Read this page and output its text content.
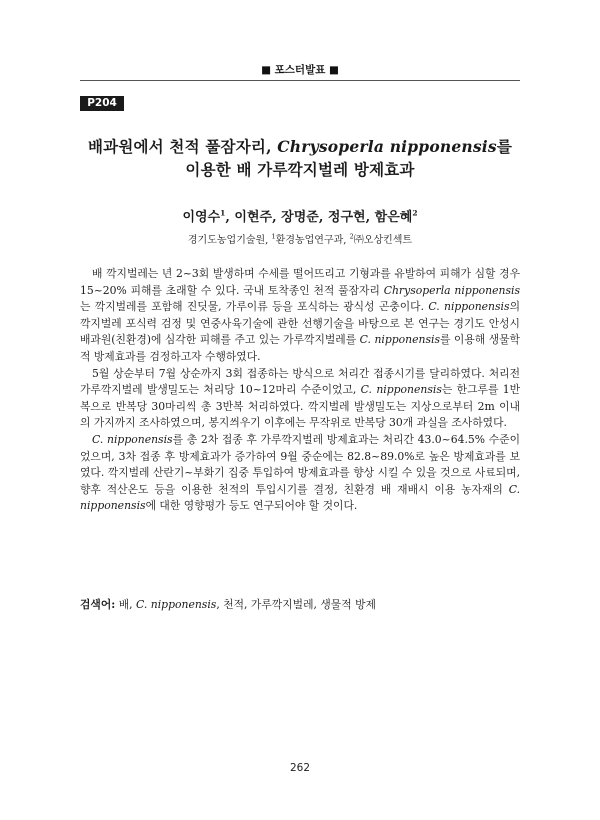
■ 포스터발표 ■
P204
배과원에서 천적 풀잠자리, Chrysoperla nipponensis를
이용한 배 가루깍지벌레 방제효과
이영수$^1$, 이현주, 장명준, 정구현, 함은혜$^2$
경기도농업기술원, $^1$환경농업연구과, $^2$㈜오상킨섹트

배 깍지벌레는 년 2~3회 발생하며 수세를 떨어뜨리고 기형과를 유발하여 피해가 심할 경우 15~20% 피해를 초래할 수 있다. 국내 토착종인 천적 풀잠자리 Chrysoperla nipponensis는 깍지벌레를 포함해 진딧물, 가루이류 등을 포식하는 광식성 곤충이다. C. nipponensis의 깍지벌레 포식력 검정 및 연중사육기술에 관한 선행기술을 바탕으로 본 연구는 경기도 안성시 배과원(친환경)에 심각한 피해를 주고 있는 가루깍지벌레를 C. nipponensis를 이용해 생물학적 방제효과를 검정하고자 수행하였다.

5월 상순부터 7월 상순까지 3회 접종하는 방식으로 처리간 접종시기를 달리하였다. 처리전 가루깍지벌레 발생밀도는 처리당 10~12마리 수준이었고, C. nipponensis는 한그루를 1반복으로 반복당 30마리씩 총 3반복 처리하였다. 깍지벌레 발생밀도는 지상으로부터 2m 이내의 가지까지 조사하였으며, 봉지씌우기 이후에는 무작위로 반복당 30개 과실을 조사하였다.

C. nipponensis를 총 2차 접종 후 가루깍지벌레 방제효과는 처리간 43.0~64.5% 수준이었으며, 3차 접종 후 방제효과가 증가하여 9월 중순에는 82.8~89.0%로 높은 방제효과를 보였다. 깍지벌레 산란기~부화기 집중 투입하여 방제효과를 향상 시킬 수 있을 것으로 사료되며, 향후 적산온도 등을 이용한 천적의 투입시기를 결정, 친환경 배 재배시 이용 농자재의 C. nipponensis에 대한 영향평가 등도 연구되어야 할 것이다.

검색어: 배, C. nipponensis, 천적, 가루깍지벌레, 생물적 방제
262
